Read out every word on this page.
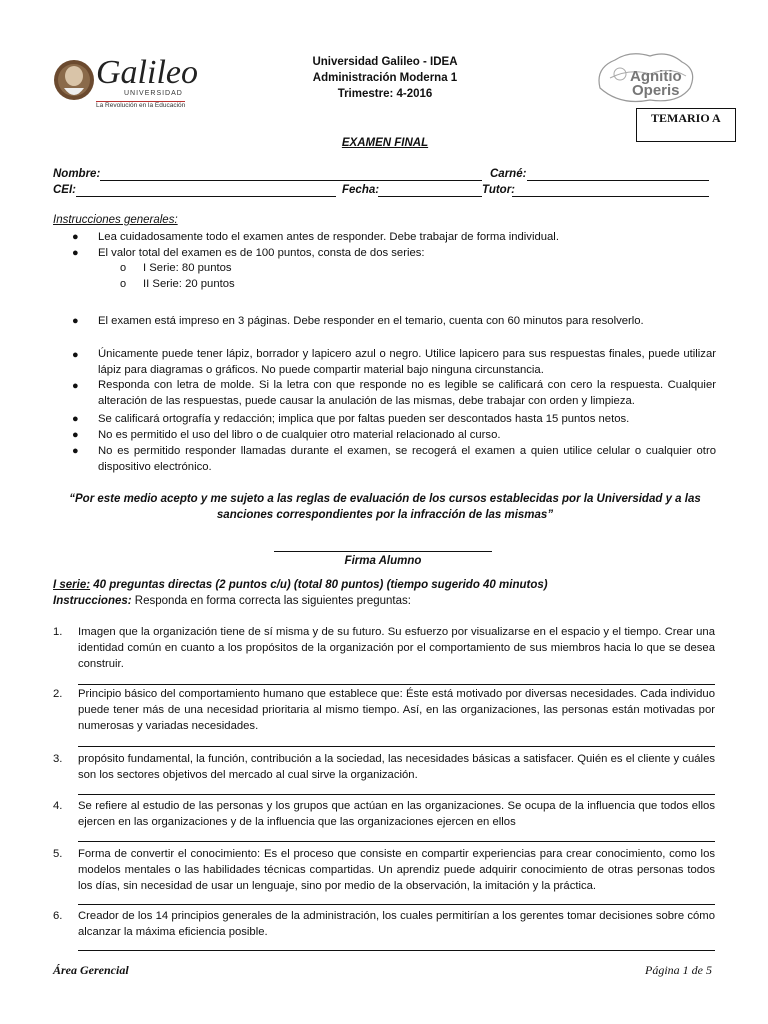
Galileo
UNIVERSIDAD
La Revolución en la Educación
Agnitio
Operis
Universidad Galileo - IDEA
Administración Moderna 1
Trimestre: 4-2016
TEMARIO A
EXAMEN FINAL
Nombre:	Carné:
CEI:	Fecha:	Tutor:
Instrucciones generales:
● Lea cuidadosamente todo el examen antes de responder. Debe trabajar de forma individual.
● El valor total del examen es de 100 puntos, consta de dos series:
o I Serie: 80 puntos
o II Serie: 20 puntos
● El examen está impreso en 3 páginas. Debe responder en el temario, cuenta con 60 minutos para resolverlo.
● Únicamente puede tener lápiz, borrador y lapicero azul o negro. Utilice lapicero para sus respuestas finales, puede utilizar lápiz para diagramas o gráficos. No puede compartir material bajo ninguna circunstancia.
● Responda con letra de molde. Si la letra con que responde no es legible se calificará con cero la respuesta. Cualquier alteración de las respuestas, puede causar la anulación de las mismas, debe trabajar con orden y limpieza.
● Se calificará ortografía y redacción; implica que por faltas pueden ser descontados hasta 15 puntos netos.
● No es permitido el uso del libro o de cualquier otro material relacionado al curso.
● No es permitido responder llamadas durante el examen, se recogerá el examen a quien utilice celular o cualquier otro dispositivo electrónico.
“Por este medio acepto y me sujeto a las reglas de evaluación de los cursos establecidas por la Universidad y a las sanciones correspondientes por la infracción de las mismas”
Firma Alumno
I serie: 40 preguntas directas (2 puntos c/u) (total 80 puntos) (tiempo sugerido 40 minutos)
Instrucciones: Responda en forma correcta las siguientes preguntas:
1. Imagen que la organización tiene de sí misma y de su futuro. Su esfuerzo por visualizarse en el espacio y el tiempo. Crear una identidad común en cuanto a los propósitos de la organización por el comportamiento de sus miembros hacia lo que se desea construir.
2. Principio básico del comportamiento humano que establece que: Éste está motivado por diversas necesidades. Cada individuo puede tener más de una necesidad prioritaria al mismo tiempo. Así, en las organizaciones, las personas están motivadas por numerosas y variadas necesidades.
3. propósito fundamental, la función, contribución a la sociedad, las necesidades básicas a satisfacer. Quién es el cliente y cuáles son los sectores objetivos del mercado al cual sirve la organización.
4. Se refiere al estudio de las personas y los grupos que actúan en las organizaciones. Se ocupa de la influencia que todos ellos ejercen en las organizaciones y de la influencia que las organizaciones ejercen en ellos
5. Forma de convertir el conocimiento: Es el proceso que consiste en compartir experiencias para crear conocimiento, como los modelos mentales o las habilidades técnicas compartidas. Un aprendiz puede adquirir conocimiento de otras personas todos los días, sin necesidad de usar un lenguaje, sino por medio de la observación, la imitación y la práctica.
6. Creador de los 14 principios generales de la administración, los cuales permitirían a los gerentes tomar decisiones sobre cómo alcanzar la máxima eficiencia posible.
Área Gerencial	Página 1 de 5
